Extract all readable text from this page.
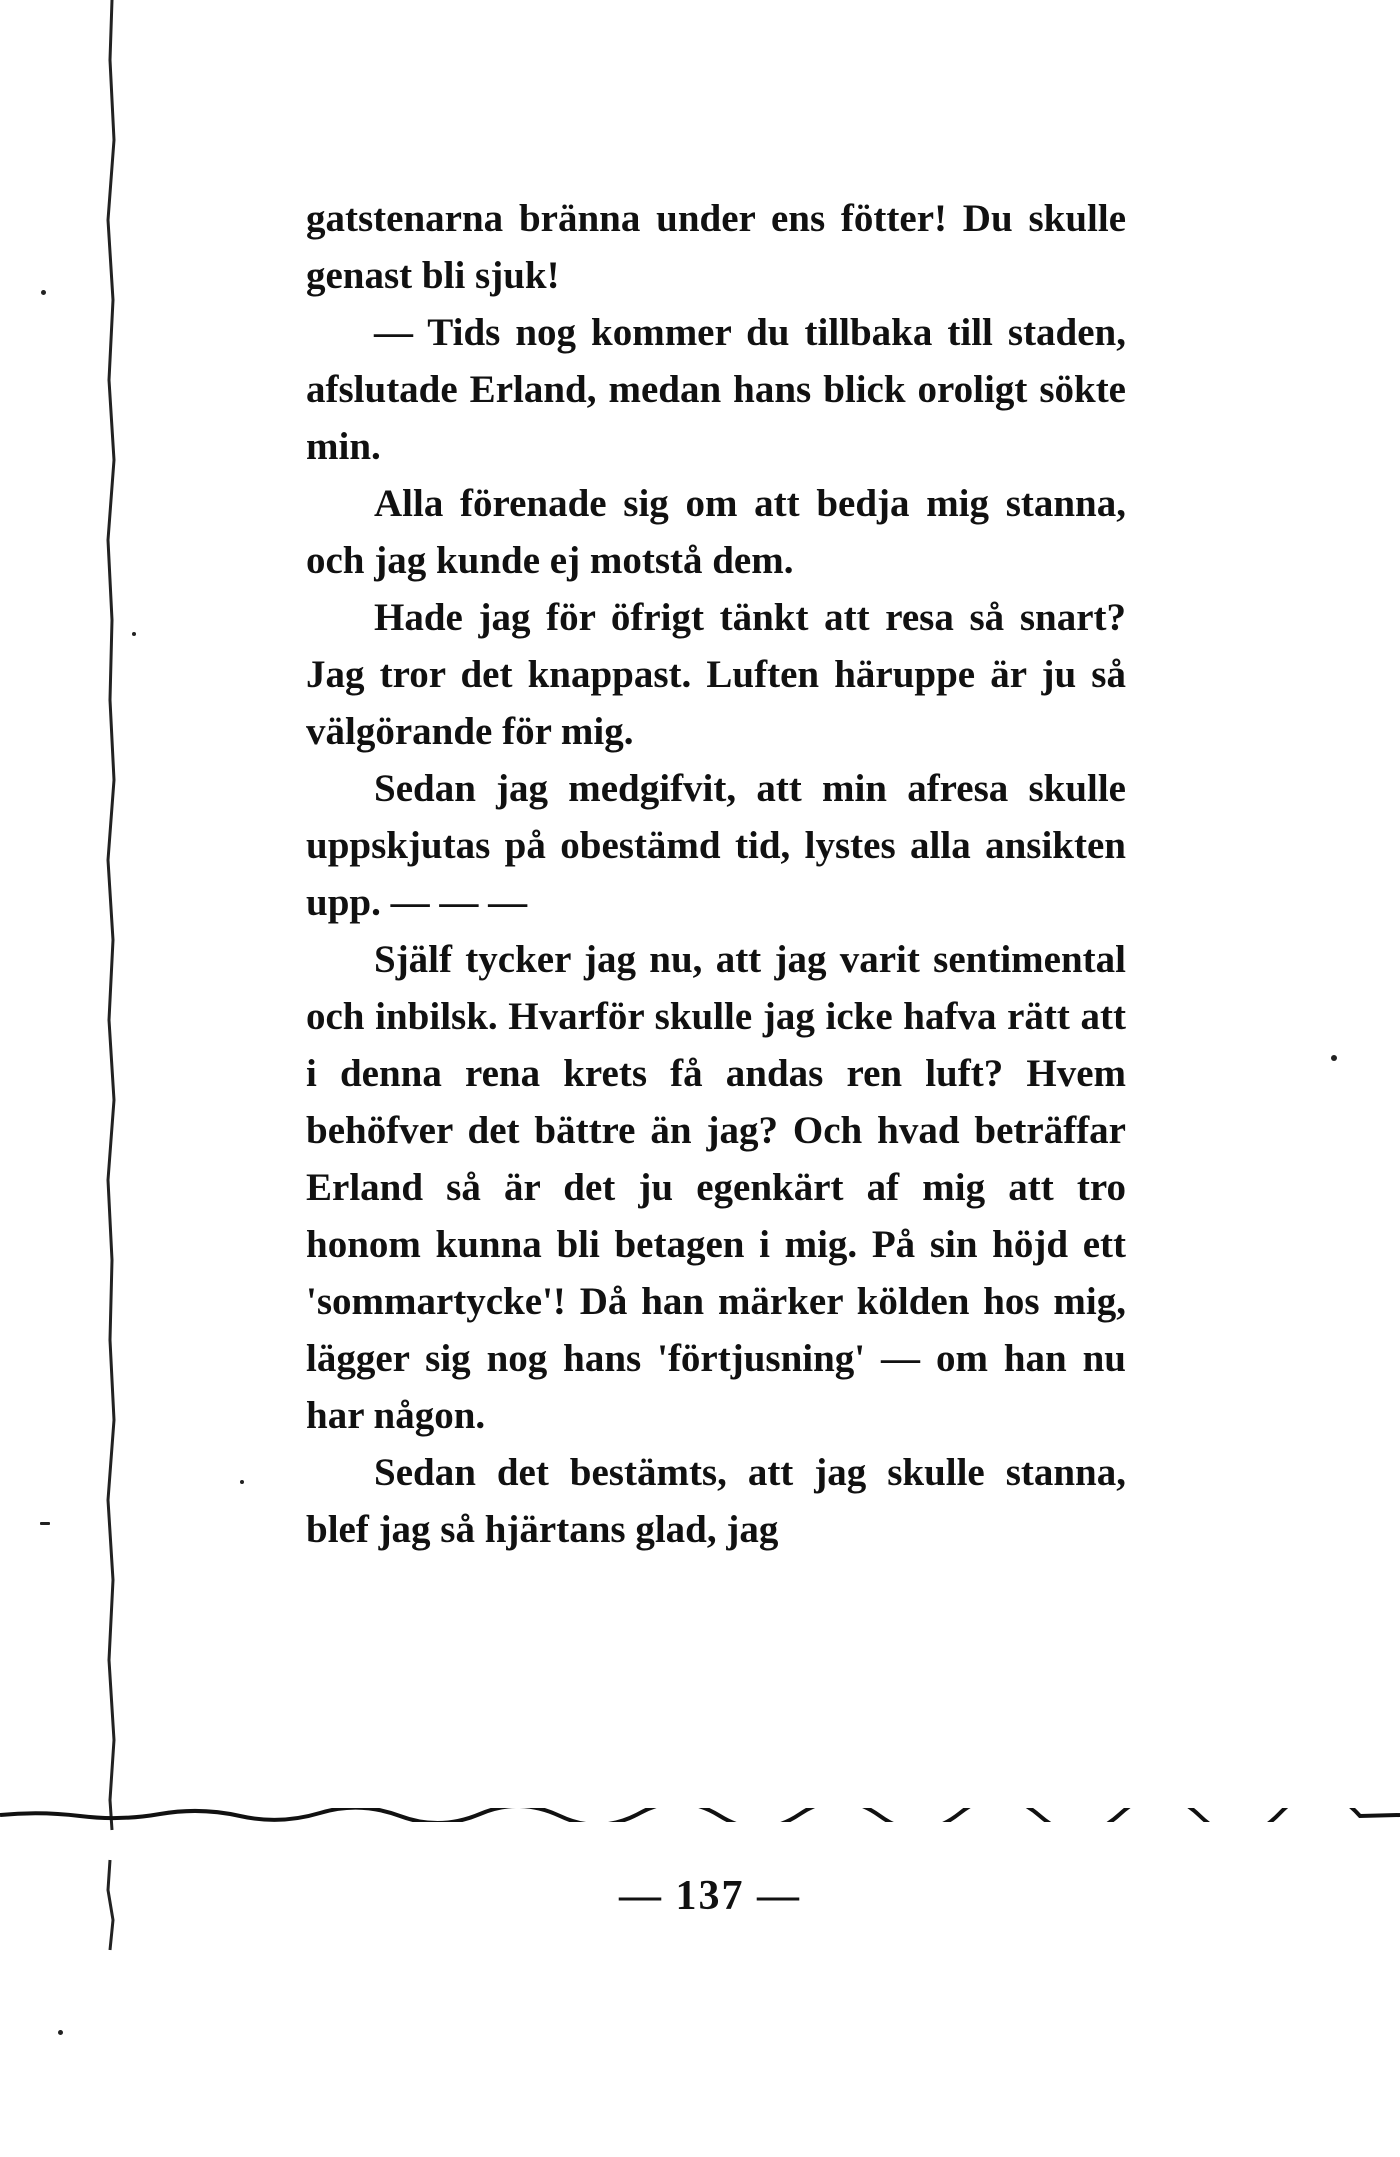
gatstenarna bränna under ens fötter! Du skulle genast bli sjuk!

— Tids nog kommer du tillbaka till staden, afslutade Erland, medan hans blick oroligt sökte min.

Alla förenade sig om att bedja mig stanna, och jag kunde ej motstå dem.

Hade jag för öfrigt tänkt att resa så snart? Jag tror det knappast. Luften häruppe är ju så välgörande för mig.

Sedan jag medgifvit, att min afresa skulle uppskjutas på obestämd tid, lystes alla ansikten upp. — — —

Själf tycker jag nu, att jag varit sentimental och inbilsk. Hvarför skulle jag icke hafva rätt att i denna rena krets få andas ren luft? Hvem behöfver det bättre än jag? Och hvad beträffar Erland så är det ju egenkärt af mig att tro honom kunna bli betagen i mig. På sin höjd ett 'sommartycke'! Då han märker kölden hos mig, lägger sig nog hans 'förtjusning' — om han nu har någon.

Sedan det bestämts, att jag skulle stanna, blef jag så hjärtans glad, jag

— 137 —
